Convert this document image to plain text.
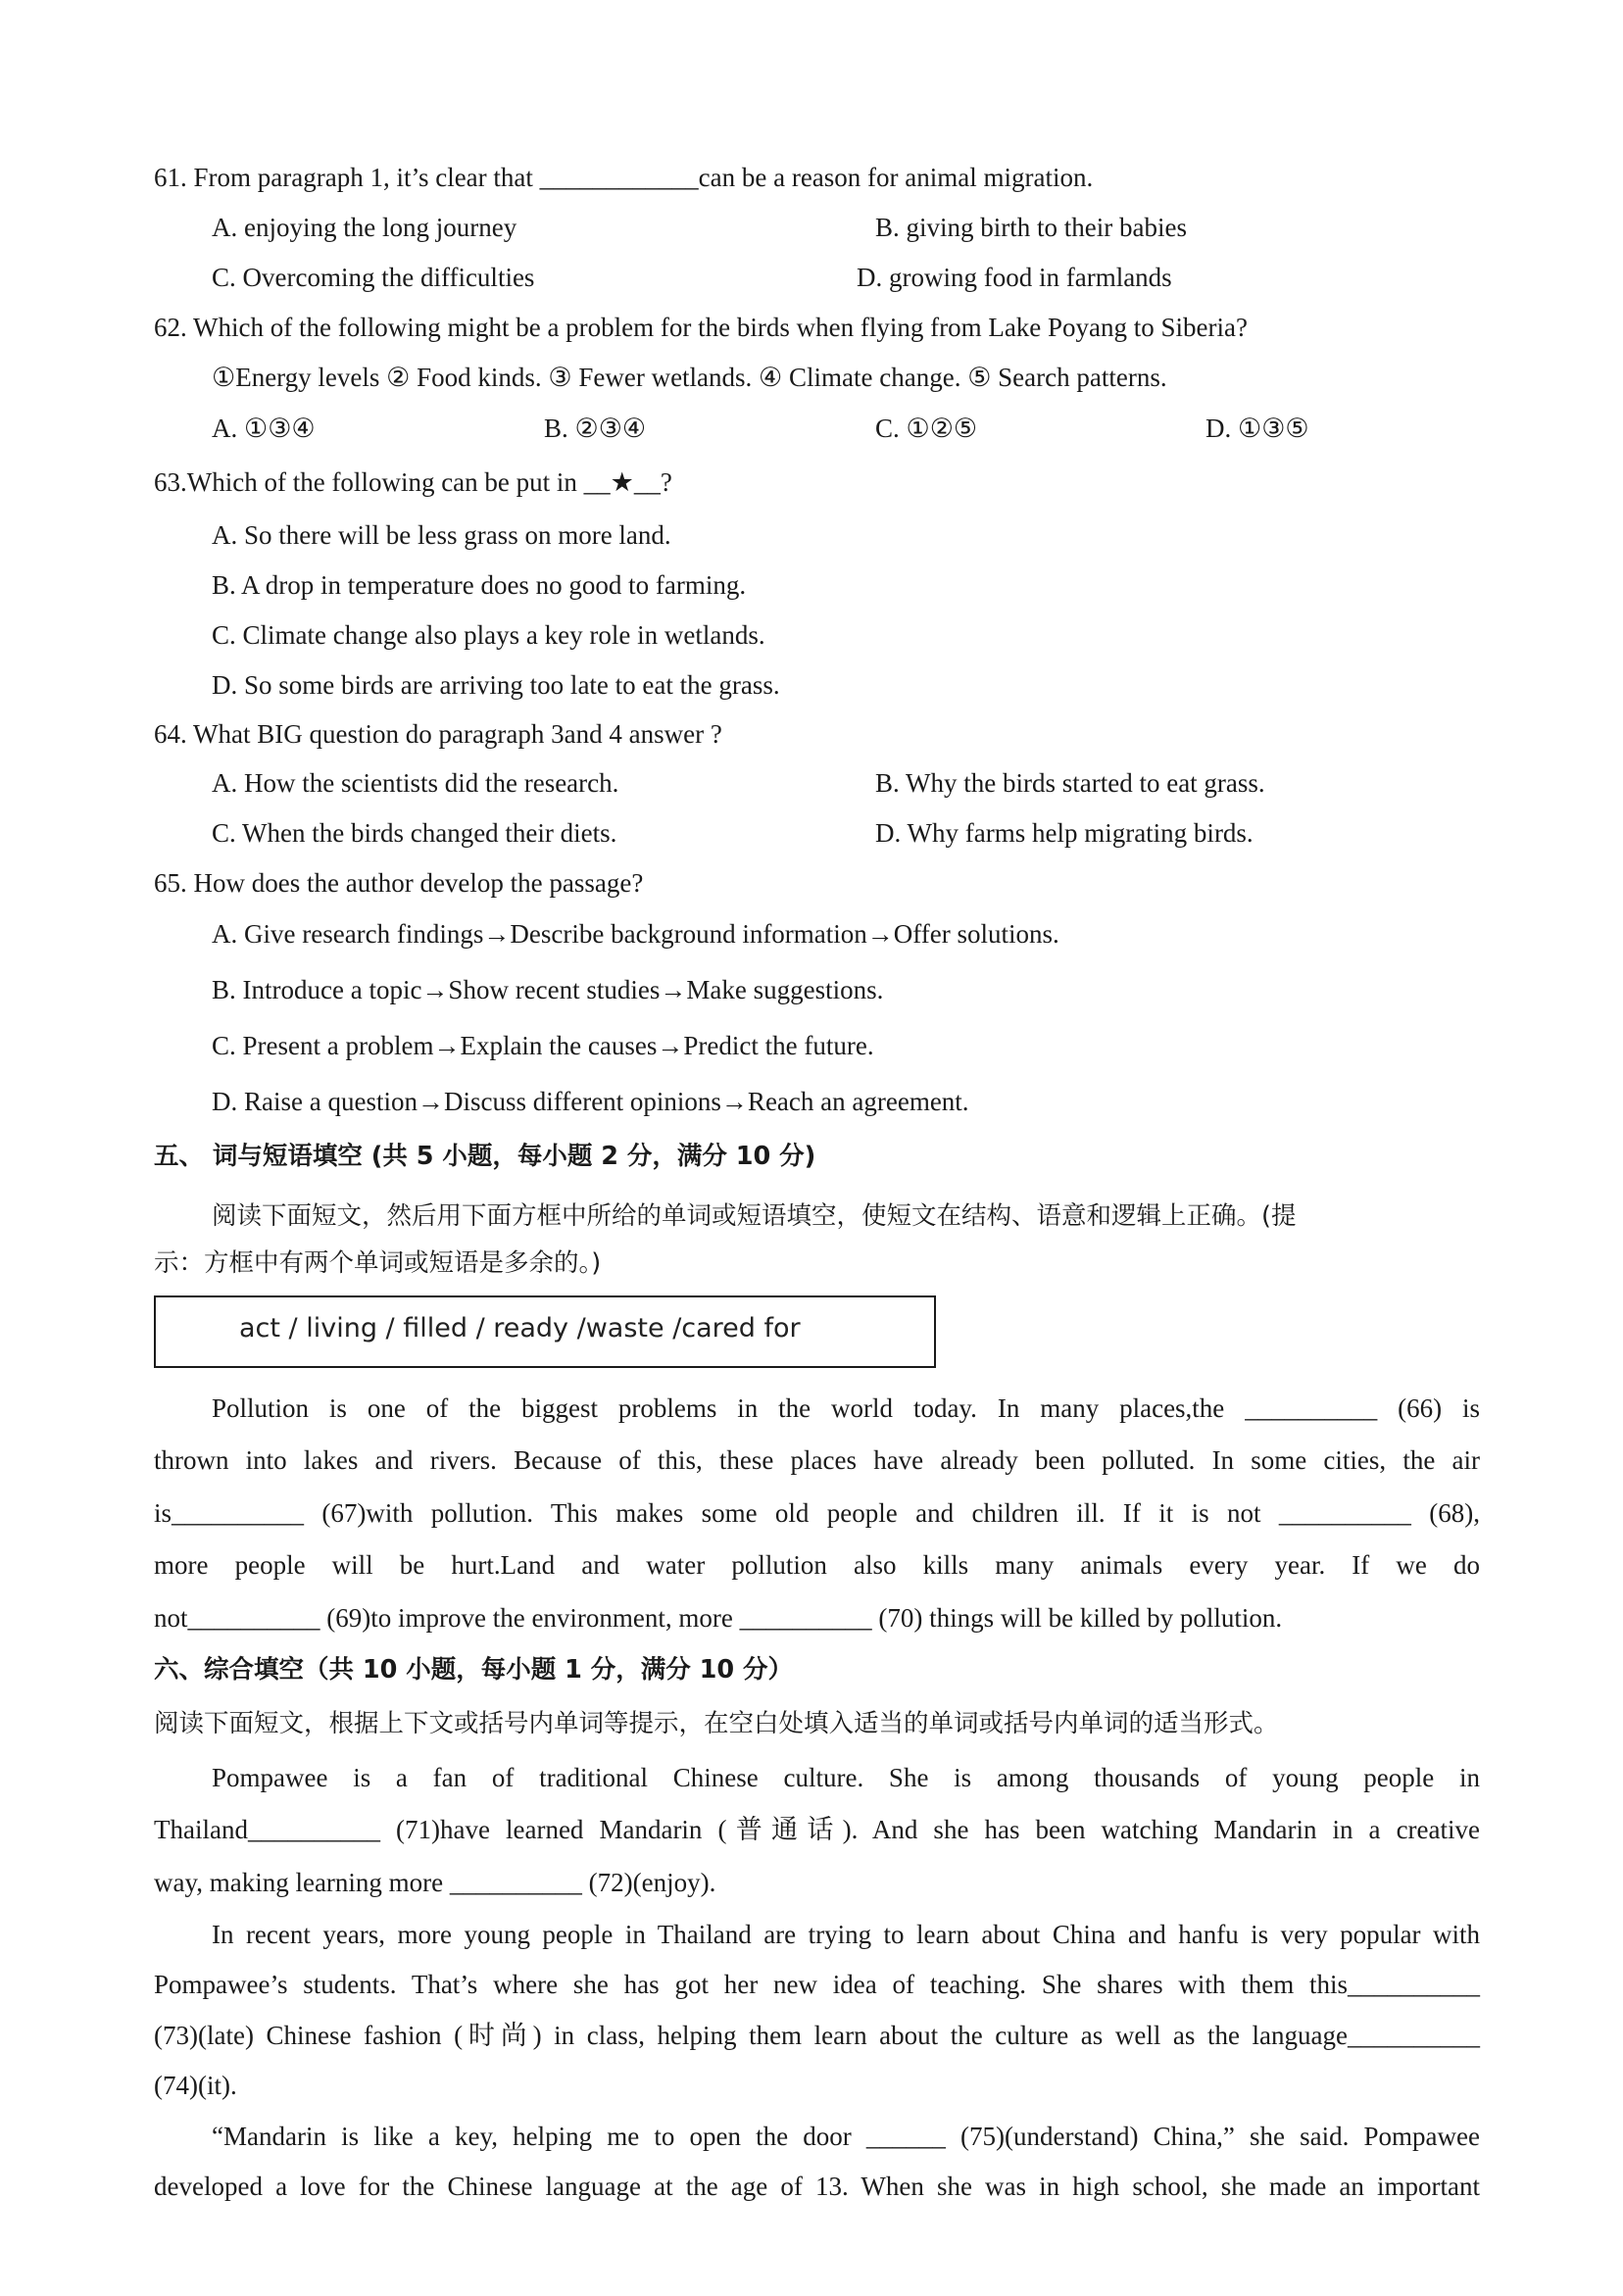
61. From paragraph 1, it’s clear that ____________can be a reason for animal migration.
A. enjoying the long journey	B. giving birth to their babies
C. Overcoming the difficulties	D. growing food in farmlands
62. Which of the following might be a problem for the birds when flying from Lake Poyang to Siberia?
①Energy levels ② Food kinds. ③ Fewer wetlands. ④ Climate change. ⑤ Search patterns.
A. ①③④	B. ②③④	C. ①②⑤	D. ①③⑤
63.Which of the following can be put in __★__?
A. So there will be less grass on more land.
B. A drop in temperature does no good to farming.
C. Climate change also plays a key role in wetlands.
D. So some birds are arriving too late to eat the grass.
64. What BIG question do paragraph 3and 4 answer ?
A. How the scientists did the research.	B. Why the birds started to eat grass.
C. When the birds changed their diets.	D. Why farms help migrating birds.
65. How does the author develop the passage?
A. Give research findings→Describe background information→Offer solutions.
B. Introduce a topic→Show recent studies→Make suggestions.
C. Present a problem→Explain the causes→Predict the future.
D. Raise a question→Discuss different opinions→Reach an agreement.
五、 词与短语填空 (共 5 小题，每小题 2 分，满分 10 分)
阅读下面短文，然后用下面方框中所给的单词或短语填空，使短文在结构、语意和逻辑上正确。(提
示：方框中有两个单词或短语是多余的。)
act / living / filled / ready /waste /cared for
Pollution is one of the biggest problems in the world today. In many places,the __________ (66) is
thrown into lakes and rivers. Because of this, these places have already been polluted. In some cities, the air
is__________ (67)with pollution. This makes some old people and children ill. If it is not __________ (68),
more people will be hurt.Land and water pollution also kills many animals every year. If we do
not__________ (69)to improve the environment, more __________ (70) things will be killed by pollution.
六、综合填空（共 10 小题，每小题 1 分，满分 10 分）
阅读下面短文，根据上下文或括号内单词等提示，在空白处填入适当的单词或括号内单词的适当形式。
Pompawee is a fan of traditional Chinese culture. She is among thousands of young people in
Thailand__________ (71)have learned Mandarin (普通话). And she has been watching Mandarin in a creative
way, making learning more __________ (72)(enjoy).
In recent years, more young people in Thailand are trying to learn about China and hanfu is very popular with
Pompawee’s students. That’s where she has got her new idea of teaching. She shares with them this__________
(73)(late) Chinese fashion (时尚) in class, helping them learn about the culture as well as the language__________
(74)(it).
“Mandarin is like a key, helping me to open the door ______ (75)(understand) China,” she said. Pompawee
developed a love for the Chinese language at the age of 13. When she was in high school, she made an important
